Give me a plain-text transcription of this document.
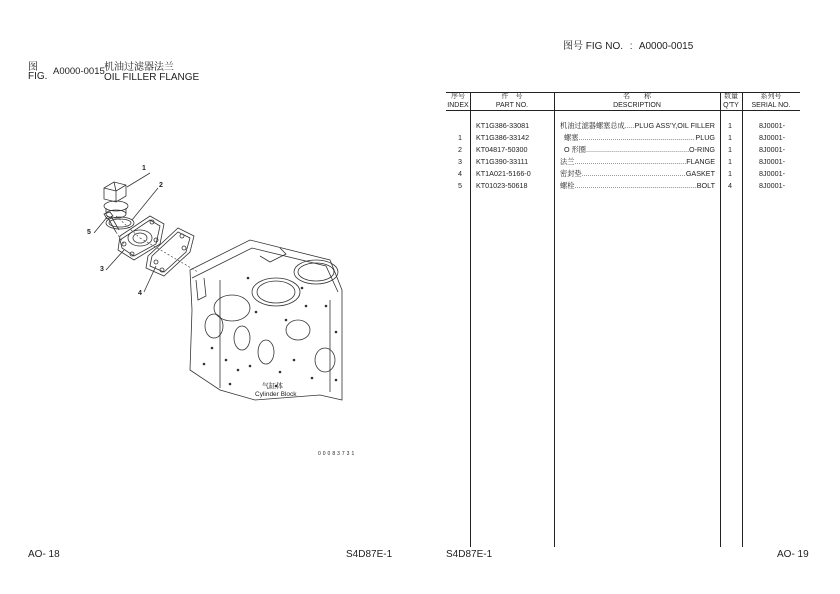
图号 FIG NO. : A0000-0015
图
FIG. A0000-0015 机油过滤器法兰
OIL FILLER FLANGE
1
2
3
4
5
气缸体
Cylinder Block
00083731
序号
INDEX
件　号
PART NO.
名　　称
DESCRIPTION
数量
Q'TY
系列号
SERIAL NO.
KT1G386-33081	机油过滤器螺塞总成 ..... PLUG ASS'Y,OIL FILLER 1	8J0001-
1 KT1G386-33142	螺塞 .....	PLUG 1	8J0001-
2 KT04817-50300	O 形圈 .....	O-RING 1	8J0001-
3 KT1G390-33111	法兰 .....	FLANGE 1	8J0001-
4 KT1A021-5166-0	密封垫 .....	GASKET 1	8J0001-
5 KT01023-50618	螺栓 .....	BOLT 4	8J0001-
AO- 18	S4D87E-1	S4D87E-1	AO- 19
